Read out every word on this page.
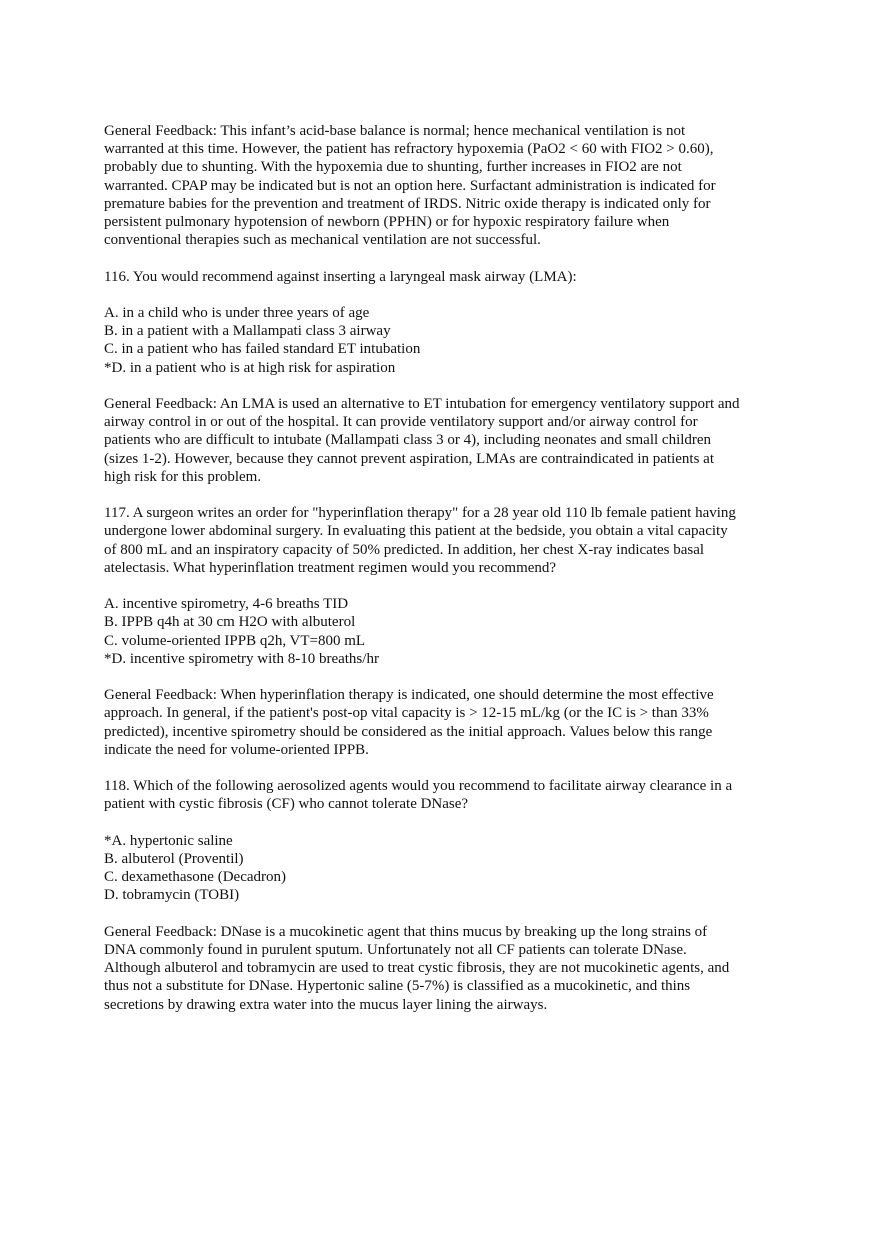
General Feedback: This infant’s acid-base balance is normal; hence mechanical ventilation is not
warranted at this time. However, the patient has refractory hypoxemia (PaO2 < 60 with FIO2 > 0.60),
probably due to shunting. With the hypoxemia due to shunting, further increases in FIO2 are not
warranted. CPAP may be indicated but is not an option here. Surfactant administration is indicated for
premature babies for the prevention and treatment of IRDS. Nitric oxide therapy is indicated only for
persistent pulmonary hypotension of newborn (PPHN) or for hypoxic respiratory failure when
conventional therapies such as mechanical ventilation are not successful.
116. You would recommend against inserting a laryngeal mask airway (LMA):
A. in a child who is under three years of age
B. in a patient with a Mallampati class 3 airway
C. in a patient who has failed standard ET intubation
*D. in a patient who is at high risk for aspiration
General Feedback: An LMA is used an alternative to ET intubation for emergency ventilatory support and
airway control in or out of the hospital. It can provide ventilatory support and/or airway control for
patients who are difficult to intubate (Mallampati class 3 or 4), including neonates and small children
(sizes 1-2). However, because they cannot prevent aspiration, LMAs are contraindicated in patients at
high risk for this problem.
117. A surgeon writes an order for "hyperinflation therapy" for a 28 year old 110 lb female patient having
undergone lower abdominal surgery. In evaluating this patient at the bedside, you obtain a vital capacity
of 800 mL and an inspiratory capacity of 50% predicted. In addition, her chest X-ray indicates basal
atelectasis. What hyperinflation treatment regimen would you recommend?
A. incentive spirometry, 4-6 breaths TID
B. IPPB q4h at 30 cm H2O with albuterol
C. volume-oriented IPPB q2h, VT=800 mL
*D. incentive spirometry with 8-10 breaths/hr
General Feedback: When hyperinflation therapy is indicated, one should determine the most effective
approach. In general, if the patient's post-op vital capacity is > 12-15 mL/kg (or the IC is > than 33%
predicted), incentive spirometry should be considered as the initial approach. Values below this range
indicate the need for volume-oriented IPPB.
118. Which of the following aerosolized agents would you recommend to facilitate airway clearance in a
patient with cystic fibrosis (CF) who cannot tolerate DNase?
*A. hypertonic saline
B. albuterol (Proventil)
C. dexamethasone (Decadron)
D. tobramycin (TOBI)
General Feedback: DNase is a mucokinetic agent that thins mucus by breaking up the long strains of
DNA commonly found in purulent sputum. Unfortunately not all CF patients can tolerate DNase.
Although albuterol and tobramycin are used to treat cystic fibrosis, they are not mucokinetic agents, and
thus not a substitute for DNase. Hypertonic saline (5-7%) is classified as a mucokinetic, and thins
secretions by drawing extra water into the mucus layer lining the airways.
